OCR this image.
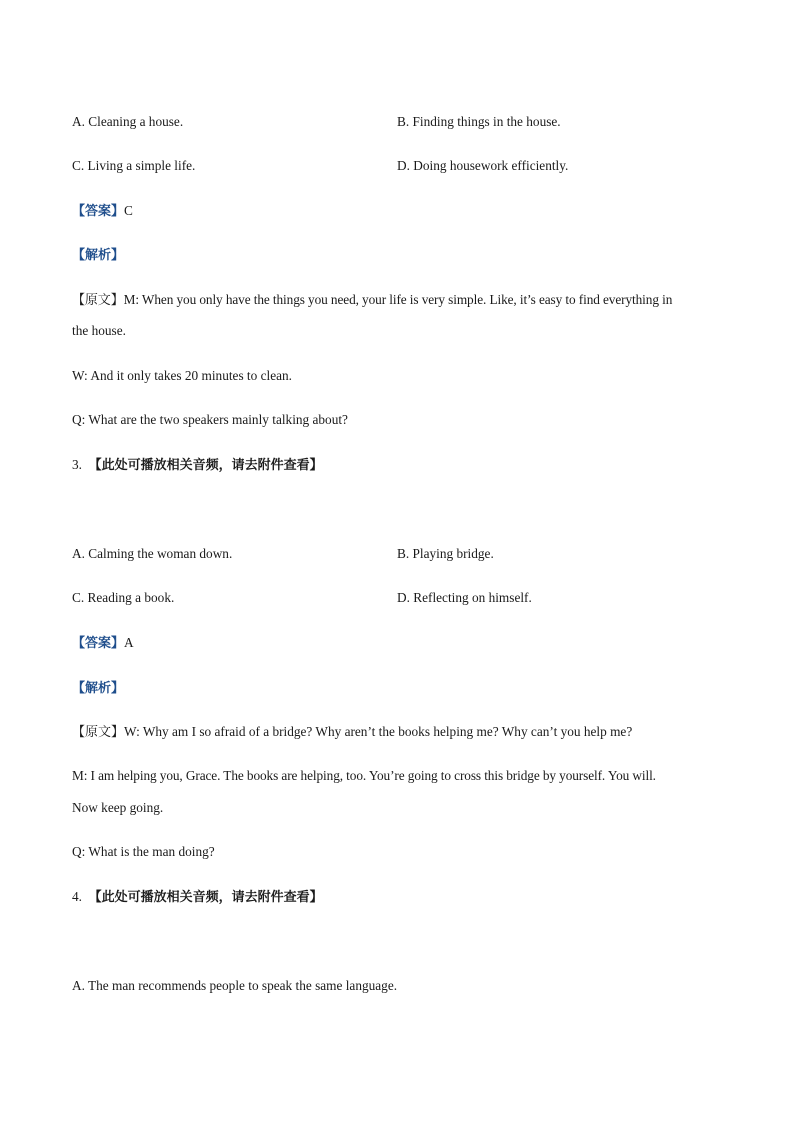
A. Cleaning a house.	B. Finding things in the house.
C. Living a simple life.	D. Doing housework efficiently.
【答案】C
【解析】
【原文】M: When you only have the things you need, your life is very simple. Like, it’s easy to find everything in
the house.
W: And it only takes 20 minutes to clean.
Q: What are the two speakers mainly talking about?
3. 【此处可播放相关音频，请去附件查看】
A. Calming the woman down.	B. Playing bridge.
C. Reading a book.	D. Reflecting on himself.
【答案】A
【解析】
【原文】W: Why am I so afraid of a bridge? Why aren’t the books helping me? Why can’t you help me?
M: I am helping you, Grace. The books are helping, too. You’re going to cross this bridge by yourself. You will.
Now keep going.
Q: What is the man doing?
4. 【此处可播放相关音频，请去附件查看】
A. The man recommends people to speak the same language.
